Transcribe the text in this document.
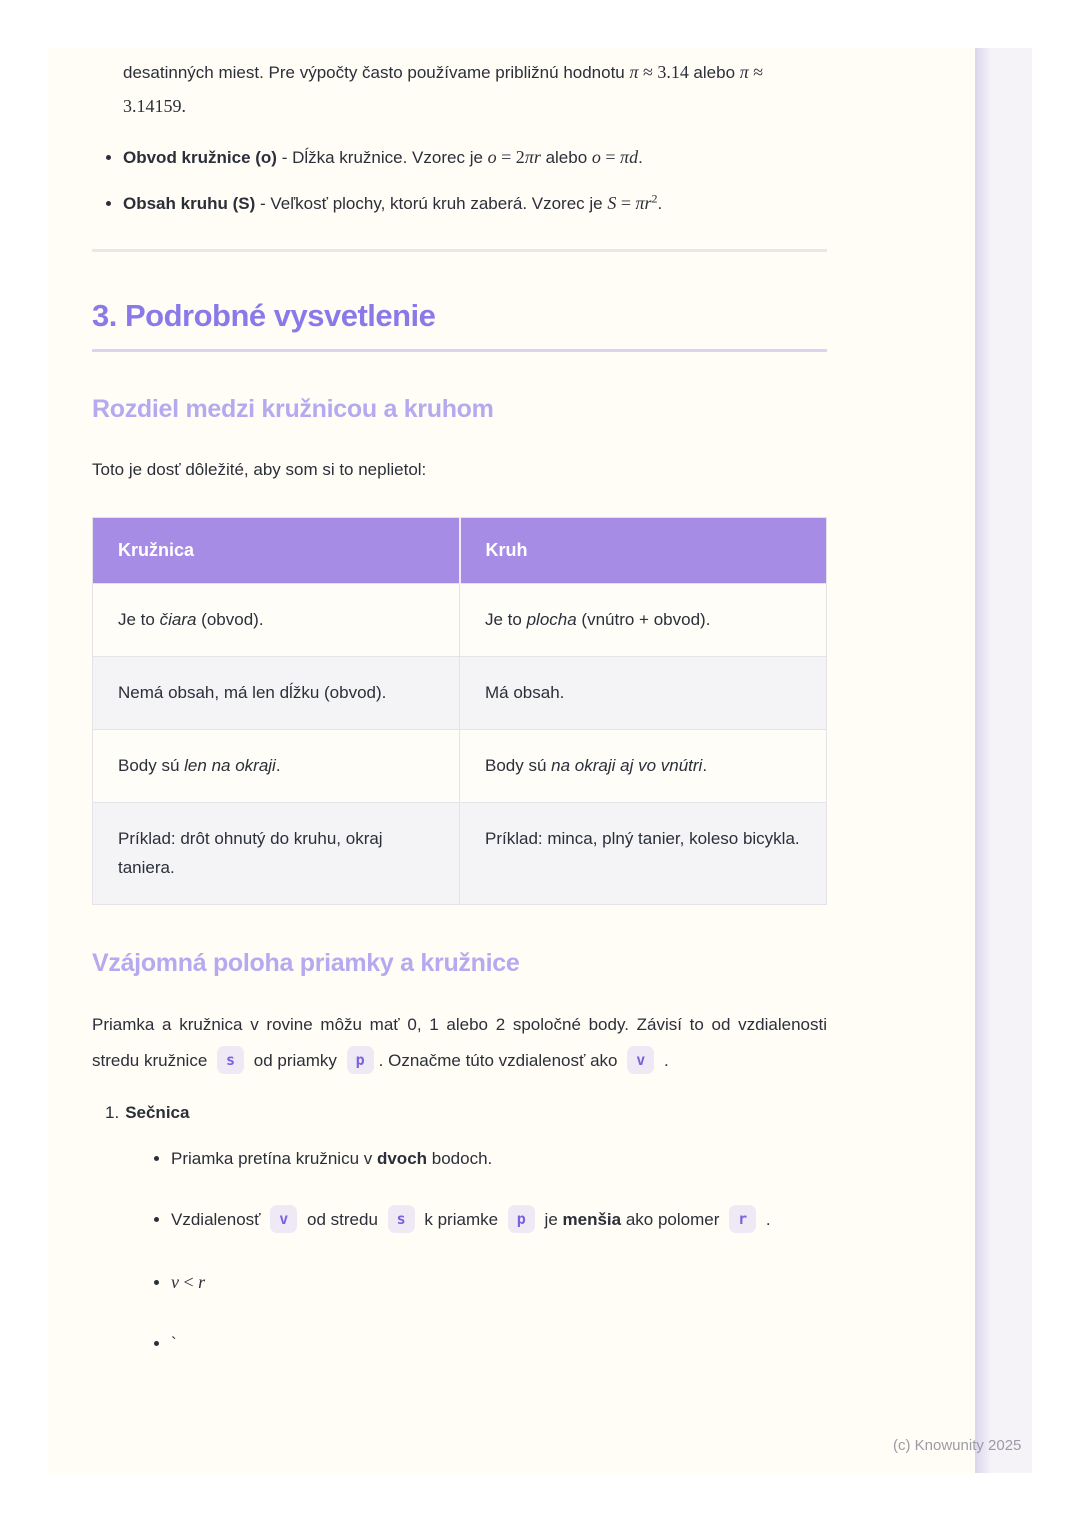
desatinných miest. Pre výpočty často používame približnú hodnotu π ≈ 3.14 alebo π ≈ 3.14159.

• Obvod kružnice (o) - Dĺžka kružnice. Vzorec je o = 2πr alebo o = πd.
• Obsah kruhu (S) - Veľkosť plochy, ktorú kruh zaberá. Vzorec je $S = \pi r^2$.
3. Podrobné vysvetlenie
Rozdiel medzi kružnicou a kruhom

Toto je dosť dôležité, aby som si to neplietol:

Kružnica	Kruh
Je to čiara (obvod).	Je to plocha (vnútro + obvod).
Nemá obsah, má len dĺžku (obvod).	Má obsah.
Body sú len na okraji.	Body sú na okraji aj vo vnútri.
Príklad: drôt ohnutý do kruhu, okraj taniera.	Príklad: minca, plný tanier, koleso bicykla.
Vzájomná poloha priamky a kružnice

Priamka a kružnica v rovine môžu mať 0, 1 alebo 2 spoločné body. Závisí to od vzdialenosti stredu kružnice s od priamky p . Označme túto vzdialenosť ako v .

1. Sečnica
• Priamka pretína kružnicu v dvoch bodoch.
• Vzdialenosť v od stredu s k priamke p je menšia ako polomer r .
• v < r
• `
(c) Knowunity 2025
